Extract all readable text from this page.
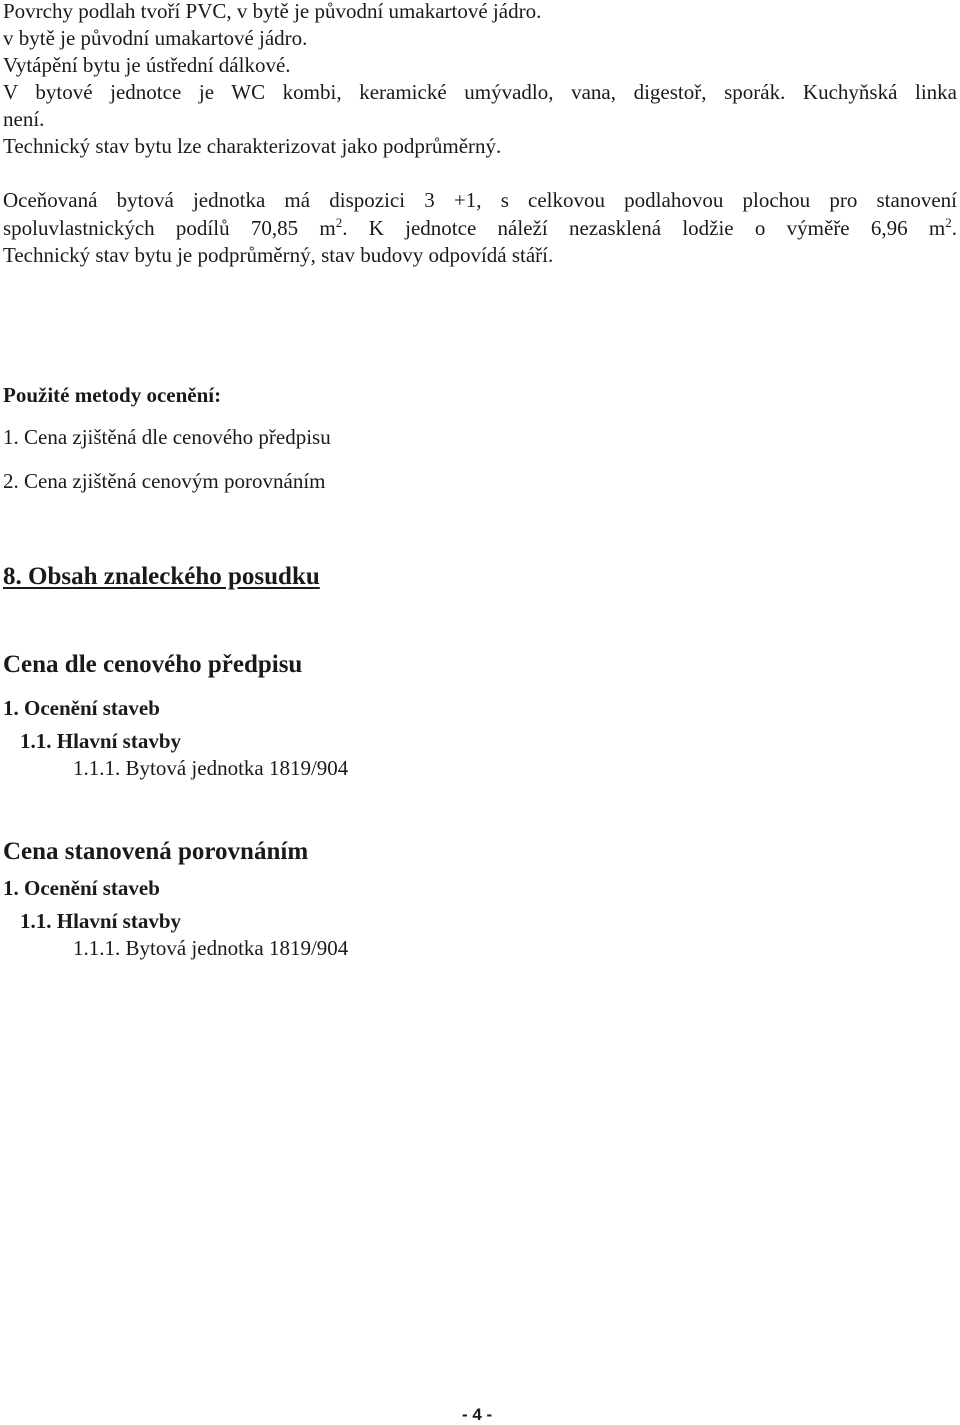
Povrchy podlah tvoří PVC, v bytě je původní umakartové jádro.
v bytě je původní umakartové jádro.
Vytápění bytu je ústřední dálkové.
V bytové jednotce je WC kombi, keramické umývadlo, vana, digestoř, sporák. Kuchyňská linka
není.
Technický stav bytu lze charakterizovat jako podprůměrný.
Oceňovaná bytová jednotka má dispozici 3 +1, s celkovou podlahovou plochou pro stanovení
spoluvlastnických podílů 70,85 $m^2$. K jednotce náleží nezasklená lodžie o výměře 6,96 $m^2$.
Technický stav bytu je podprůměrný, stav budovy odpovídá stáří.
Použité metody ocenění:
1. Cena zjištěná dle cenového předpisu
2. Cena zjištěná cenovým porovnáním
8. Obsah znaleckého posudku
Cena dle cenového předpisu
1. Ocenění staveb
1.1. Hlavní stavby
1.1.1. Bytová jednotka 1819/904
Cena stanovená porovnáním
1. Ocenění staveb
1.1. Hlavní stavby
1.1.1. Bytová jednotka 1819/904
- 4 -
